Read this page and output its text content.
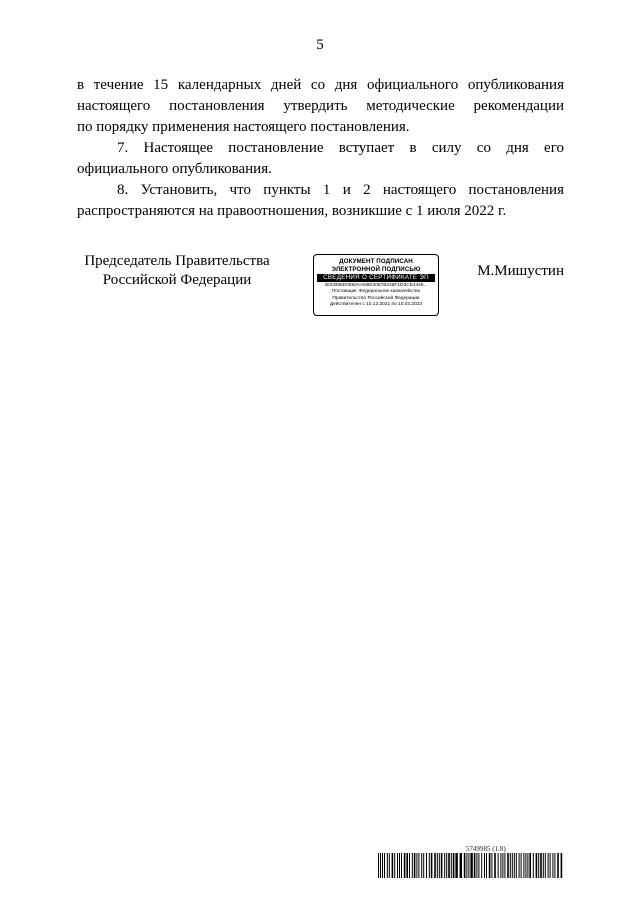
5

в течение 15 календарных дней со дня официального опубликования

настоящего постановления утвердить методические рекомендации

по порядку применения настоящего постановления.

7. Настоящее постановление вступает в силу со дня его

официального опубликования.

8. Установить, что пункты 1 и 2 настоящего постановления

распространяются на правоотношения, возникшие с 1 июля 2022 г.

Председатель Правительства
Российской Федерации
ДОКУМЕНТ ПОДПИСАН
ЭЛЕКТРОННОЙ ПОДПИСЬЮ
СВЕДЕНИЯ О СЕРТИФИКАТЕ ЭП
4DCB95D0582AAD8E3067B228F1D3CE4445...
Поставщик: Федеральное казначейство
Правительство Российской Федерации
Действителен с 10.12.2021 по 10.03.2023
М.Мишустин
5749985 (1.8)
